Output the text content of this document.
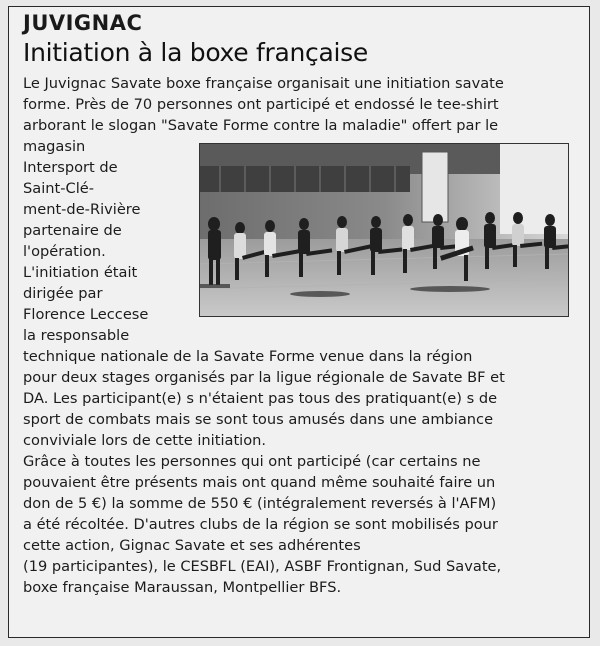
JUVIGNAC
Initiation à la boxe française
Le Juvignac Savate boxe française organisait une initiation savate
forme. Près de 70 personnes ont participé et endossé le tee-shirt
arborant le slogan "Savate Forme contre la maladie" offert par le
magasin
Intersport de
Saint-Clé-
ment-de-Rivière
partenaire de
l'opération.
L'initiation était
dirigée par
Florence Leccese
la responsable
technique nationale de la Savate Forme venue dans la région
pour deux stages organisés par la ligue régionale de Savate BF et
DA. Les participant(e) s n'étaient pas tous des pratiquant(e) s de
sport de combats mais se sont tous amusés dans une ambiance
conviviale lors de cette initiation.
Grâce à toutes les personnes qui ont participé (car certains ne
pouvaient être présents mais ont quand même souhaité faire un
don de 5 €) la somme de 550 € (intégralement reversés à l'AFM)
a été récoltée. D'autres clubs de la région se sont mobilisés pour
cette action, Gignac Savate et ses adhérentes
(19 participantes), le CESBFL (EAI), ASBF Frontignan, Sud Savate,
boxe française Maraussan, Montpellier BFS.
